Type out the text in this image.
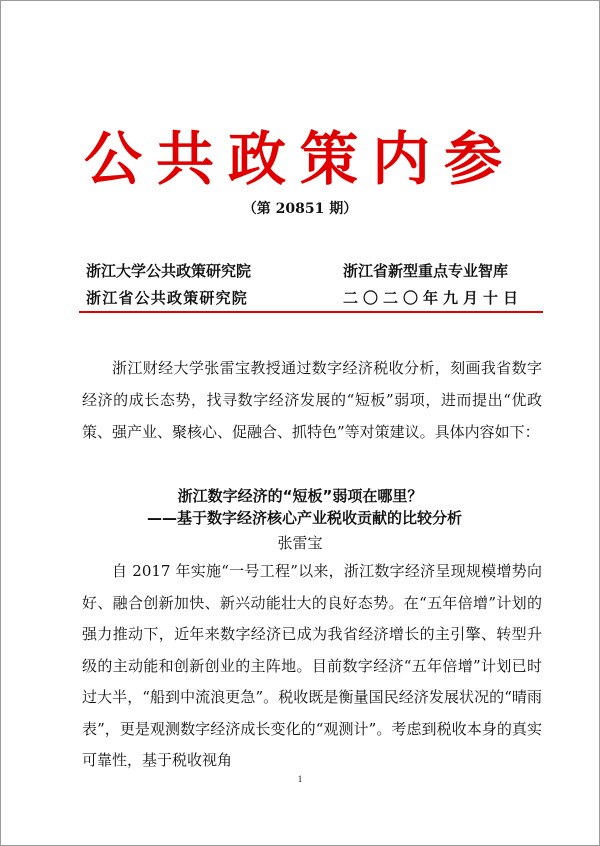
公共政策内参
（第 20851 期）
浙江大学公共政策研究院
浙江省公共政策研究院
浙江省新型重点专业智库
二〇二〇年九月十日

浙江财经大学张雷宝教授通过数字经济税收分析，刻画我省数字经济的成长态势，找寻数字经济发展的“短板”弱项，进而提出“优政策、强产业、聚核心、促融合、抓特色”等对策建议。具体内容如下：

浙江数字经济的“短板”弱项在哪里？
——基于数字经济核心产业税收贡献的比较分析
张雷宝

自 2017 年实施“一号工程”以来，浙江数字经济呈现规模增势向好、融合创新加快、新兴动能壮大的良好态势。在“五年倍增”计划的强力推动下，近年来数字经济已成为我省经济增长的主引擎、转型升级的主动能和创新创业的主阵地。目前数字经济“五年倍增”计划已时过大半，“船到中流浪更急”。税收既是衡量国民经济发展状况的“晴雨表”，更是观测数字经济成长变化的“观测计”。考虑到税收本身的真实可靠性，基于税收视角

1
